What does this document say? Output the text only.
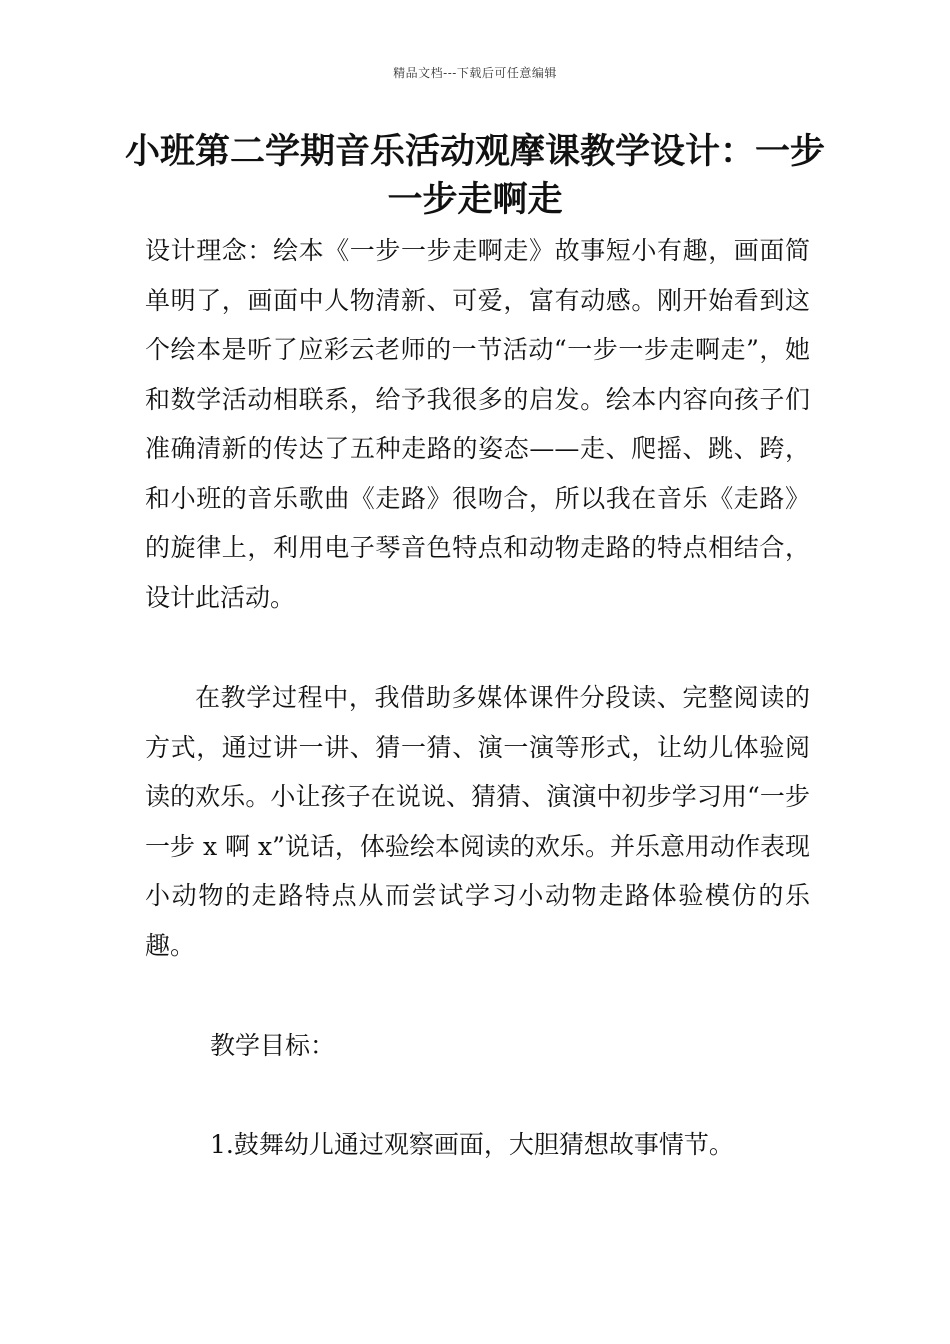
精品文档---下载后可任意编辑
小班第二学期音乐活动观摩课教学设计：一步一步走啊走

设计理念：绘本《一步一步走啊走》故事短小有趣，画面简单明了，画面中人物清新、可爱，富有动感。刚开始看到这个绘本是听了应彩云老师的一节活动“一步一步走啊走”，她和数学活动相联系，给予我很多的启发。绘本内容向孩子们准确清新的传达了五种走路的姿态——走、爬摇、跳、跨，和小班的音乐歌曲《走路》很吻合，所以我在音乐《走路》的旋律上，利用电子琴音色特点和动物走路的特点相结合，设计此活动。

在教学过程中，我借助多媒体课件分段读、完整阅读的方式，通过讲一讲、猜一猜、演一演等形式，让幼儿体验阅读的欢乐。小让孩子在说说、猜猜、演演中初步学习用“一步一步 x 啊 x”说话，体验绘本阅读的欢乐。并乐意用动作表现小动物的走路特点从而尝试学习小动物走路体验模仿的乐趣。

教学目标：

1.鼓舞幼儿通过观察画面，大胆猜想故事情节。
